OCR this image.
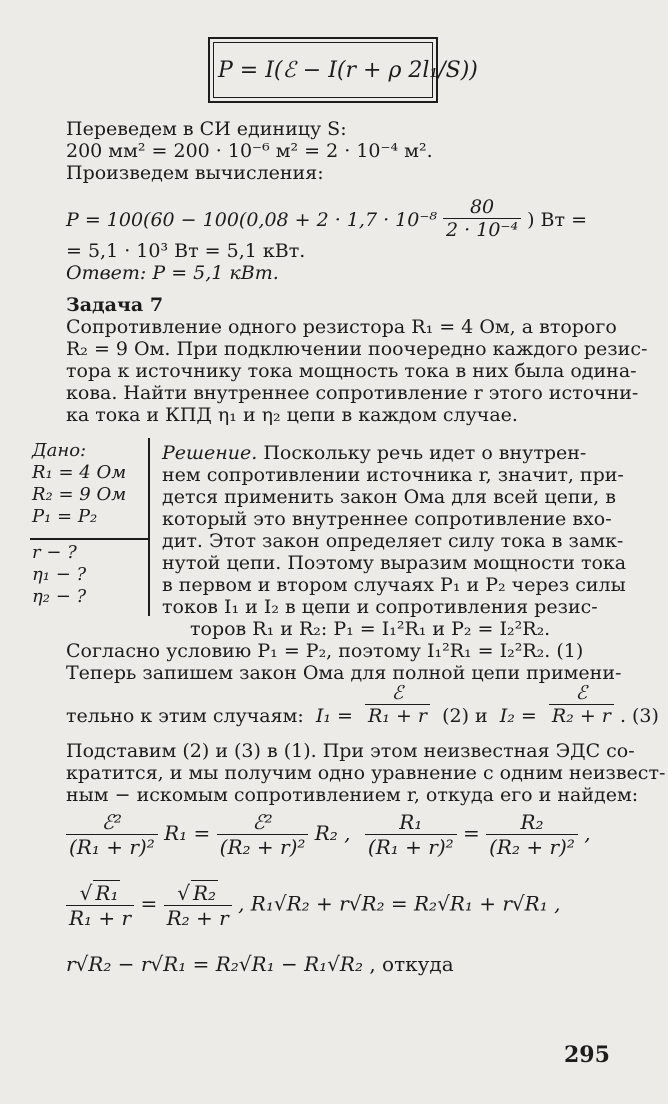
P = I(ℰ − I(r + ρ 2l₁/S))
Переведем в СИ единицу S:
200 мм² = 200 · 10⁻⁶ м² = 2 · 10⁻⁴ м².
Произведем вычисления:
$P = 100(60 - 100(0,08 + 2 \cdot 1,7 \cdot 10^{-8} \frac{80}{\text{2 · 10⁻⁴}}$ ) Вт =
= 5,1 · 10³ Вт = 5,1 кВт.
Ответ: P = 5,1 кВт.
Задача 7
Сопротивление одного резистора R₁ = 4 Ом, а второго
R₂ = 9 Ом. При подключении поочередно каждого резис-
тора к источнику тока мощность тока в них была одина-
кова. Найти внутреннее сопротивление r этого источни-
ка тока и КПД η₁ и η₂ цепи в каждом случае.
Дано:
R₁ = 4 Ом
R₂ = 9 Ом
P₁ = P₂
r − ?
η₁ − ?
η₂ − ?
Решение. Поскольку речь идет о внутрен-
нем сопротивлении источника r, значит, при-
дется применить закон Ома для всей цепи, в
который это внутреннее сопротивление вхо-
дит. Этот закон определяет силу тока в замк-
нутой цепи. Поэтому выразим мощности тока
в первом и втором случаях P₁ и P₂ через силы
токов I₁ и I₂ в цепи и сопротивления резис-
торов R₁ и R₂: P₁ = I₁²R₁ и P₂ = I₂²R₂.
Согласно условию P₁ = P₂, поэтому I₁²R₁ = I₂²R₂. (1)
Теперь запишем закон Ома для полной цепи примени-
тельно к этим случаям: $I_1 = \frac{\text{ℰ}}{\text{R₁ + r}} (2)$ и $I_2 = \frac{\text{ℰ}}{\text{R₂ + r}}$ . (3)
Подставим (2) и (3) в (1). При этом неизвестная ЭДС со-
кратится, и мы получим одно уравнение с одним неизвест-
ным − искомым сопротивлением r, откуда его и найдем:
$\frac{\text{ℰ²}}{\text{(R₁ + r)²}} R_1 = \frac{\text{ℰ²}}{\text{(R₂ + r)²}} R_2$ , $\frac{\text{R₁}}{\text{(R₁ + r)²}} = \frac{\text{R₂}}{\text{(R₂ + r)²}}$ ,
$\frac{\text{√ R₁}}{\text{R₁ + r}} = \frac{\text{√ R₂}}{\text{R₂ + r}}$ , R₁√R₂ + r√R₂ = R₂√R₁ + r√R₁ ,
r√R₂ − r√R₁ = R₂√R₁ − R₁√R₂ , откуда
295
